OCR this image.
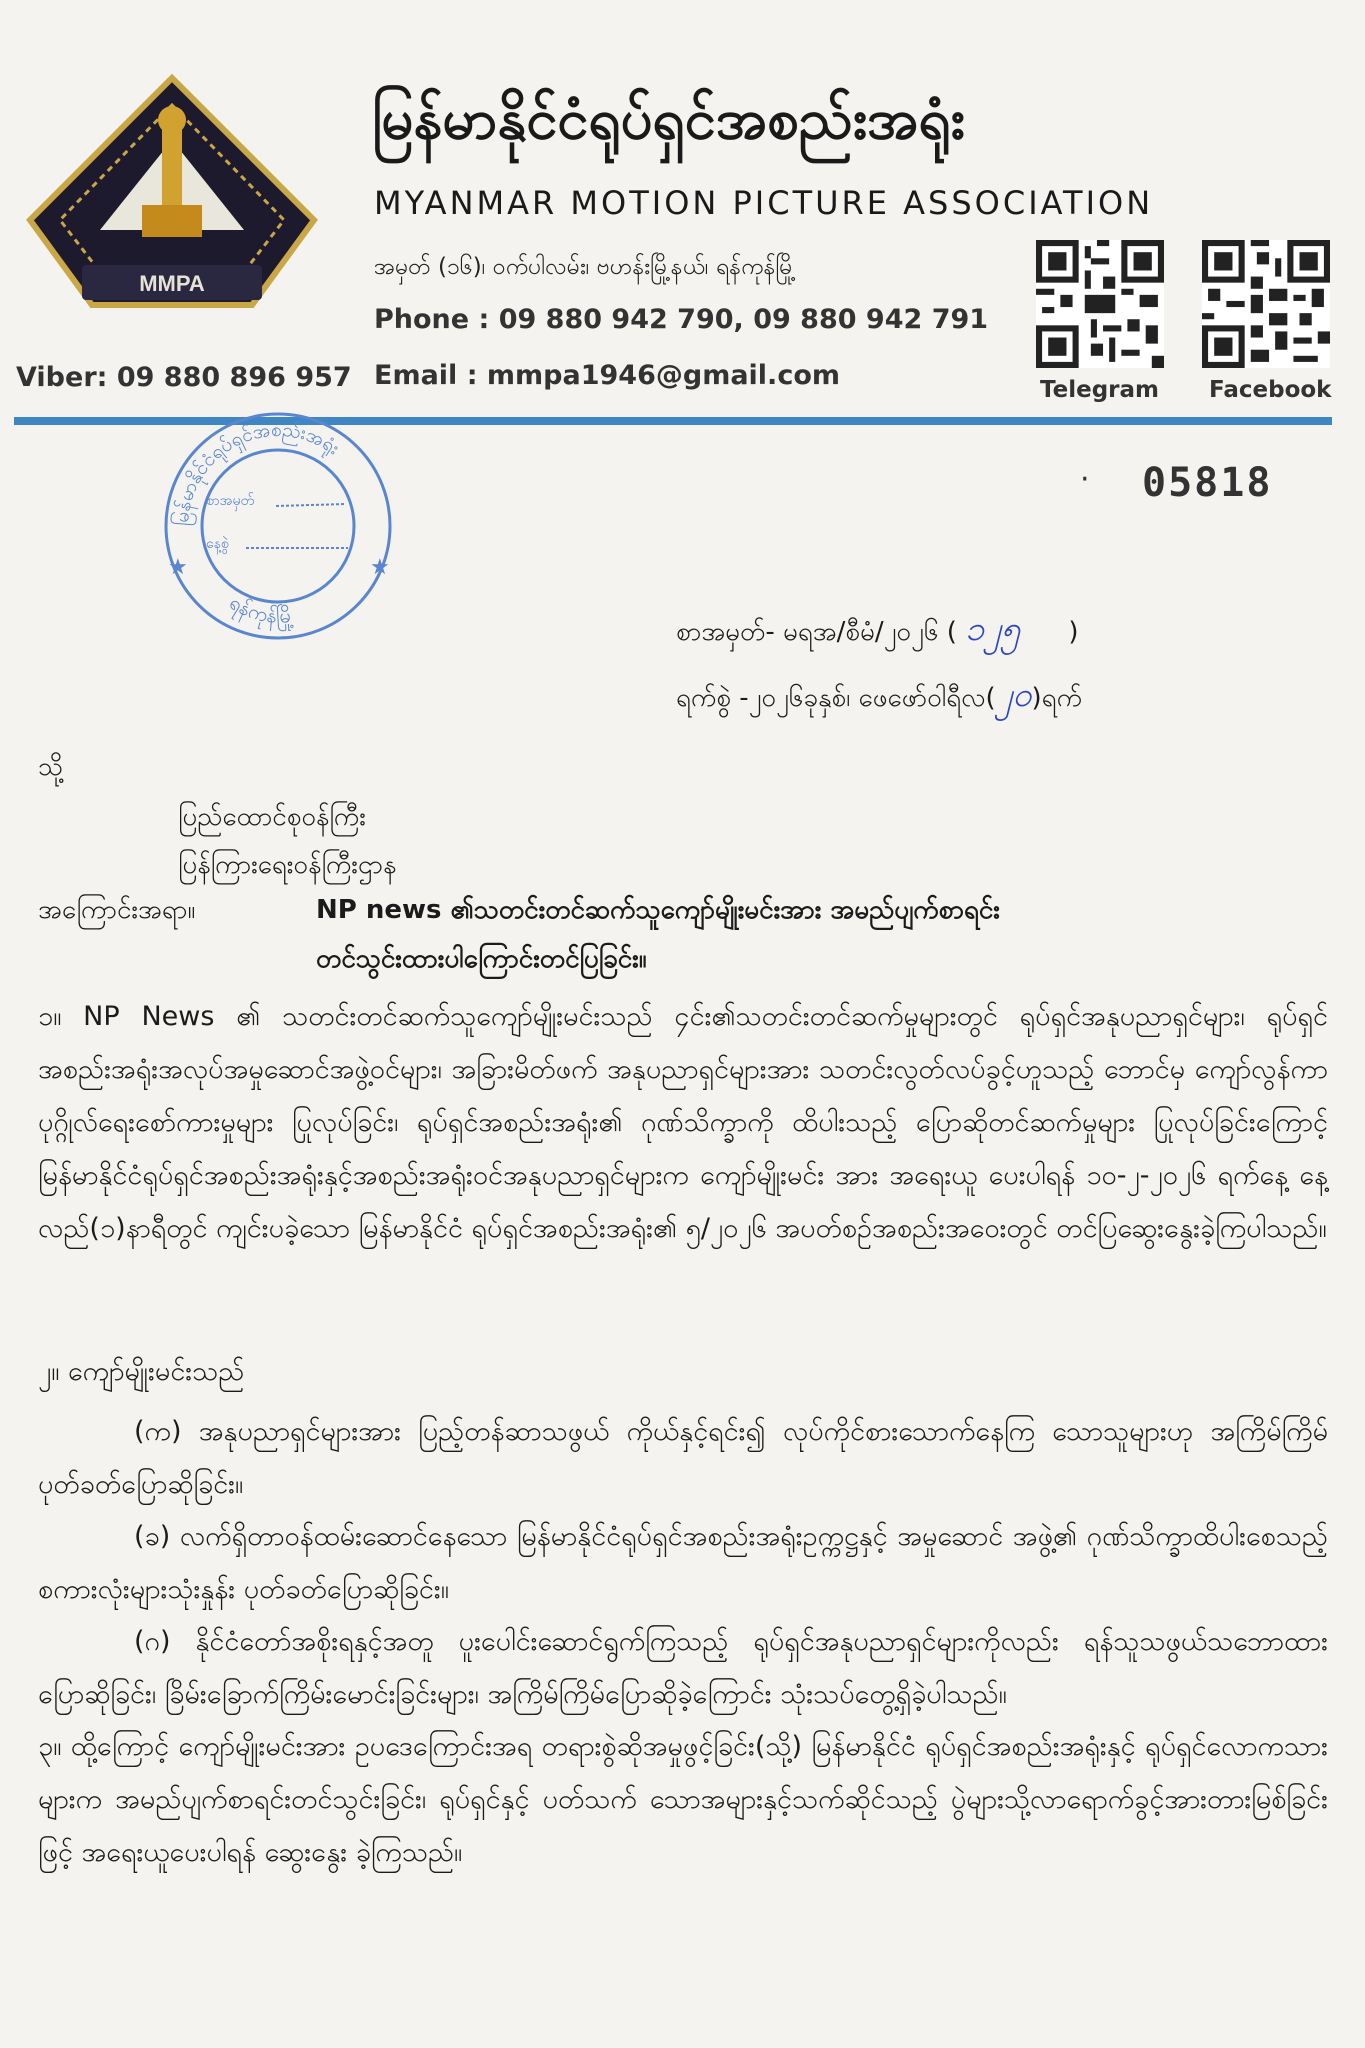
MMPA
မြန်မာနိုင်ငံရုပ်ရှင်အစည်းအရုံး
MYANMAR MOTION PICTURE ASSOCIATION
အမှတ် (၁၆)၊ ဝက်ပါလမ်း၊ ဗဟန်းမြို့နယ်၊ ရန်ကုန်မြို့
Phone : 09 880 942 790, 09 880 942 791
Email : mmpa1946@gmail.com
Viber: 09 880 896 957	Telegram Facebook
မြန်မာနိုင်ငံရုပ်ရှင်အစည်းအရုံး
ရန်ကုန်မြို့
စာအမှတ်
နေ့စွဲ
★	★
· 05818
စာအမှတ်- မရအ/စီမံ/၂၀၂၆ ( ၁၂၅ )
ရက်စွဲ -၂၀၂၆ခုနှစ်၊ ဖေဖော်ဝါရီလ(၂၀)ရက်
သို့
ပြည်ထောင်စုဝန်ကြီး
ပြန်ကြားရေးဝန်ကြီးဌာန
အကြောင်းအရာ။	NP news ၏သတင်းတင်ဆက်သူကျော်မျိုးမင်းအား အမည်ပျက်စာရင်း
တင်သွင်းထားပါကြောင်းတင်ပြခြင်း။
၁။ NP News ၏ သတင်းတင်ဆက်သူကျော်မျိုးမင်းသည် ၄င်း၏သတင်းတင်ဆက်မှုများတွင် ရုပ်ရှင်အနုပညာရှင်များ၊ ရုပ်ရှင်အစည်းအရုံးအလုပ်အမှုဆောင်အဖွဲ့ဝင်များ၊ အခြားမိတ်ဖက် အနုပညာရှင်များအား သတင်းလွတ်လပ်ခွင့်ဟူသည့် ဘောင်မှ ကျော်လွန်ကာ ပုဂ္ဂိုလ်ရေးစော်ကားမှုများ ပြုလုပ်ခြင်း၊ ရုပ်ရှင်အစည်းအရုံး၏ ဂုဏ်သိက္ခာကို ထိပါးသည့် ပြောဆိုတင်ဆက်မှုများ ပြုလုပ်ခြင်းကြောင့် မြန်မာနိုင်ငံရုပ်ရှင်အစည်းအရုံးနှင့်အစည်းအရုံးဝင်အနုပညာရှင်များက ကျော်မျိုးမင်း အား အရေးယူ ပေးပါရန် ၁၀-၂-၂၀၂၆ ရက်နေ့ နေ့လည်(၁)နာရီတွင် ကျင်းပခဲ့သော မြန်မာနိုင်ငံ ရုပ်ရှင်အစည်းအရုံး၏ ၅/၂၀၂၆ အပတ်စဉ်အစည်းအဝေးတွင် တင်ပြဆွေးနွေးခဲ့ကြပါသည်။
၂။ ကျော်မျိုးမင်းသည်
(က) အနုပညာရှင်များအား ပြည့်တန်ဆာသဖွယ် ကိုယ်နှင့်ရင်း၍ လုပ်ကိုင်စားသောက်နေကြ သောသူများဟု အကြိမ်ကြိမ်ပုတ်ခတ်ပြောဆိုခြင်း။
(ခ) လက်ရှိတာဝန်ထမ်းဆောင်နေသော မြန်မာနိုင်ငံရုပ်ရှင်အစည်းအရုံးဥက္ကဋ္ဌနှင့် အမှုဆောင် အဖွဲ့၏ ဂုဏ်သိက္ခာထိပါးစေသည့် စကားလုံးများသုံးနှုန်း ပုတ်ခတ်ပြောဆိုခြင်း။
(ဂ) နိုင်ငံတော်အစိုးရနှင့်အတူ ပူးပေါင်းဆောင်ရွက်ကြသည့် ရုပ်ရှင်အနုပညာရှင်များကိုလည်း ရန်သူသဖွယ်သဘောထားပြောဆိုခြင်း၊ ခြိမ်းခြောက်ကြိမ်းမောင်းခြင်းများ၊ အကြိမ်ကြိမ်ပြောဆိုခဲ့ကြောင်း သုံးသပ်တွေ့ရှိခဲ့ပါသည်။
၃။ ထို့ကြောင့် ကျော်မျိုးမင်းအား ဥပဒေကြောင်းအရ တရားစွဲဆိုအမှုဖွင့်ခြင်း(သို့) မြန်မာနိုင်ငံ ရုပ်ရှင်အစည်းအရုံးနှင့် ရုပ်ရှင်လောကသားများက အမည်ပျက်စာရင်းတင်သွင်းခြင်း၊ ရုပ်ရှင်နှင့် ပတ်သက် သောအများနှင့်သက်ဆိုင်သည့် ပွဲများသို့လာရောက်ခွင့်အားတားမြစ်ခြင်းဖြင့် အရေးယူပေးပါရန် ဆွေးနွေး ခဲ့ကြသည်။
